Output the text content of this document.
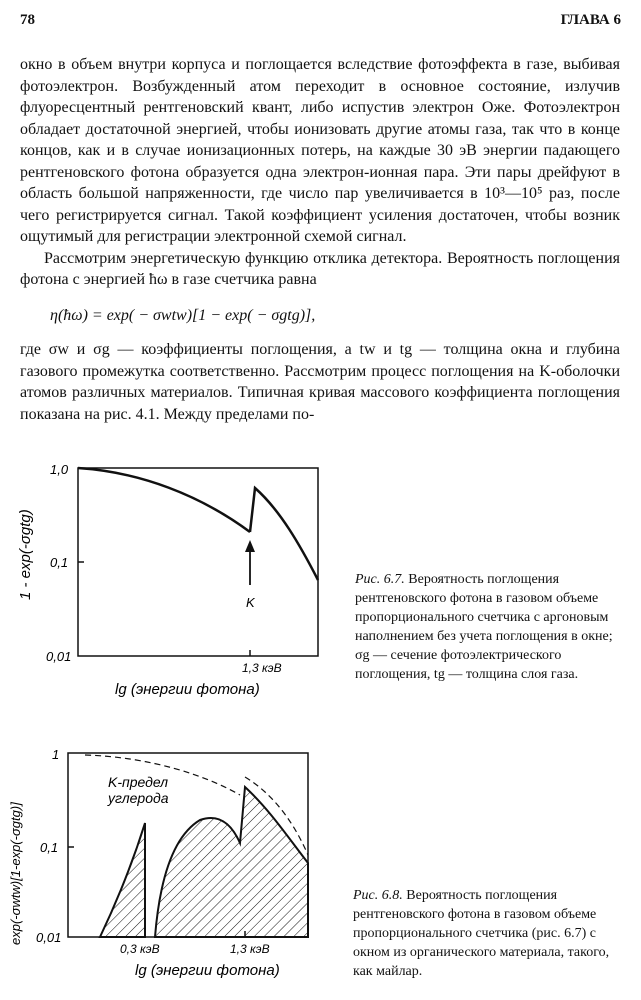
78	ГЛАВА 6

окно в объем внутри корпуса и поглощается вследствие фотоэффекта в газе, выбивая фотоэлектрон. Возбужденный атом переходит в основное состояние, излучив флуоресцентный рентгеновский квант, либо испустив электрон Оже. Фотоэлектрон обладает достаточной энергией, чтобы ионизовать другие атомы газа, так что в конце концов, как и в случае ионизационных потерь, на каждые 30 эВ энергии падающего рентгеновского фотона образуется одна электрон-ионная пара. Эти пары дрейфуют в область большой напряженности, где число пар увеличивается в 10³—10⁵ раз, после чего регистрируется сигнал. Такой коэффициент усиления достаточен, чтобы возник ощутимый для регистрации электронной схемой сигнал.

Рассмотрим энергетическую функцию отклика детектора. Вероятность поглощения фотона с энергией ħω в газе счетчика равна

η(ħω) = exp( − σwtw)[1 − exp( − σgtg)],
где σw и σg — коэффициенты поглощения, а tw и tg — толщина окна и глубина газового промежутка соответственно. Рассмотрим процесс поглощения на K-оболочки атомов различных материалов. Типичная кривая массового коэффициента поглощения показана на рис. 4.1. Между пределами по-
1,0
0,1
0,01
1,3 кэВ
lg (энергии фотона)
1 - exp(-σgtg)
K
Рис. 6.7. Вероятность поглощения рентгеновского фотона в газовом объеме пропорционального счетчика с аргоновым наполнением без учета поглощения в окне; σg — сечение фотоэлектрического поглощения, tg — толщина слоя газа.
1
0,1
0,01
0,3 кэВ	1,3 кэВ
lg (энергии фотона)
exp(-σwtw)[1-exp(-σgtg)]
K-предел
углерода
Рис. 6.8. Вероятность поглощения рентгеновского фотона в газовом объеме пропорционального счетчика (рис. 6.7) с окном из органического материала, такого, как майлар.
